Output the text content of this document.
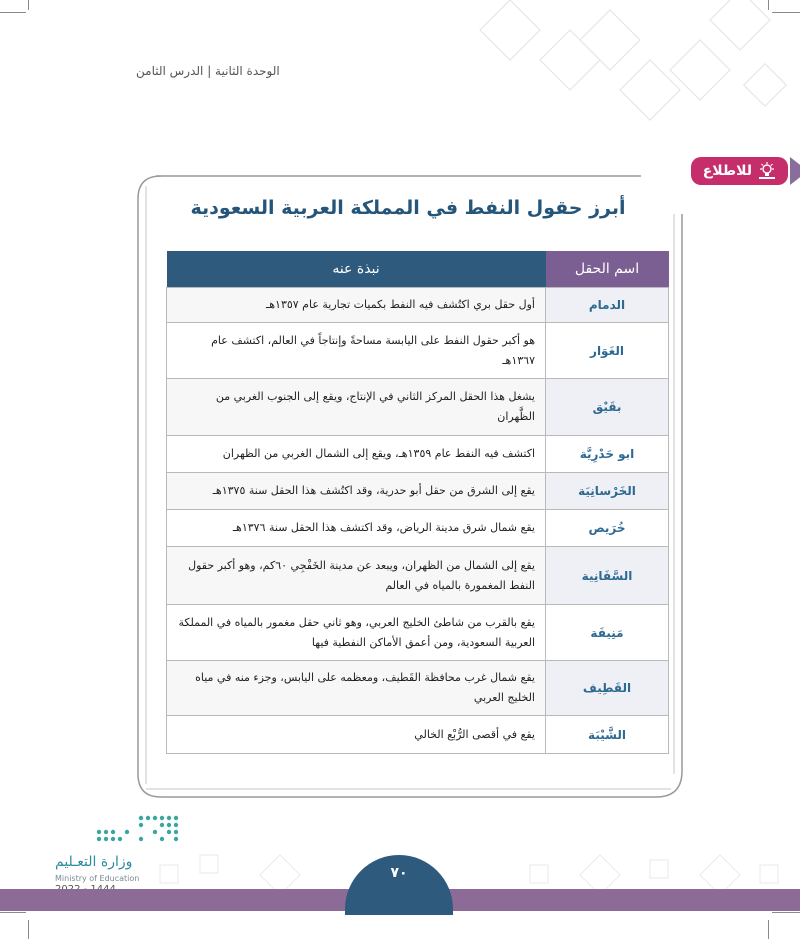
الوحدة الثانية | الدرس الثامن
للاطلاع
أبرز حقول النفط في المملكة العربية السعودية
اسم الحقل	نبذة عنه
الدمام	أول حقل بري اكتُشف فيه النفط بكميات تجارية عام ١٣٥٧هـ
الغَوَار	هو أكبر حقول النفط على اليابسة مساحةً وإنتاجاً في العالم، اكتشف عام ١٣٦٧هـ
بقَيْق	يشغل هذا الحقل المركز الثاني في الإنتاج، ويقع إلى الجنوب الغربي من الظَّهران
ابو حَدْرِيَّة	اكتشف فيه النفط عام ١٣٥٩هـ، ويقع إلى الشمال الغربي من الظهران
الخَرْسانِيَة	يقع إلى الشرق من حقل أبو حدرية، وقد اكتُشف هذا الحقل سنة ١٣٧٥هـ
خُرَيص	يقع شمال شرق مدينة الرياض، وقد اكتشف هذا الحقل سنة ١٣٧٦هـ
السَّفَانِية	يقع إلى الشمال من الظهران، ويبعد عن مدينة الخَفْجِي ٦٠كم، وهو أكبر حقول النفط المغمورة بالمياه في العالم
مَنِيفَة	يقع بالقرب من شاطئ الخليج العربي، وهو ثاني حقل مغمور بالمياه في المملكة العربية السعودية، ومن أعمق الأماكن النفطية فيها
القَطِيف	يقع شمال غرب محافظة القَطيف، ومعظمه على اليابس، وجزء منه في مياه الخليج العربي
الشَّيْبَة	يقع في أقصى الرُّبْع الخالي
وزارة التعـليم
Ministry of Education	٧٠
